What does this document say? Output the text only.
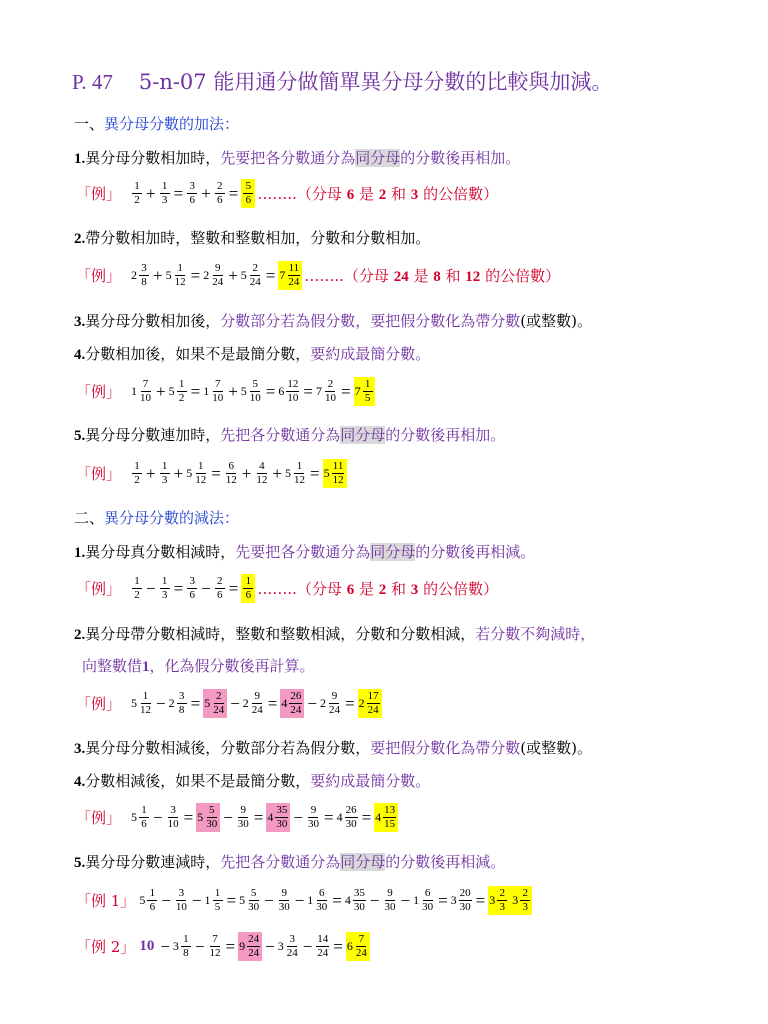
P. 47 5-n-07 能用通分做簡單異分母分數的比較與加減。
一、異分母分數的加法：
1.異分母分數相加時，先要把各分數通分為同分母的分數後再相加。
「例」 $\frac{1}{2} + \frac{1}{3} = \frac{3}{6} + \frac{2}{6} = \frac{5}{6}$ ……..（分母 6 是 2 和 3 的公倍數）
2.帶分數相加時，整數和整數相加，分數和分數相加。
「例」 $2 \frac{3}{8} + 5 \frac{1}{12} = 2 \frac{9}{24} + 5 \frac{2}{24} = 7 \frac{11}{24}$ ……..（分母 24 是 8 和 12 的公倍數）
3.異分母分數相加後，分數部分若為假分數，要把假分數化為帶分數(或整數)。
4.分數相加後，如果不是最簡分數，要約成最簡分數。
「例」 $1 \frac{7}{10} + 5 \frac{1}{2} = 1 \frac{7}{10} + 5 \frac{5}{10} = 6 \frac{12}{10} = 7 \frac{2}{10} = 7 \frac{1}{5}$
5.異分母分數連加時，先把各分數通分為同分母的分數後再相加。
「例」 $\frac{1}{2} + \frac{1}{3} + 5 \frac{1}{12} = \frac{6}{12} + \frac{4}{12} + 5 \frac{1}{12} = 5 \frac{11}{12}$
二、異分母分數的減法：
1.異分母真分數相減時，先要把各分數通分為同分母的分數後再相減。
「例」 $\frac{1}{2} - \frac{1}{3} = \frac{3}{6} - \frac{2}{6} = \frac{1}{6}$ ……..（分母 6 是 2 和 3 的公倍數）
2.異分母帶分數相減時，整數和整數相減，分數和分數相減，若分數不夠減時，
向整數借1，化為假分數後再計算。
「例」 $5 \frac{1}{12} - 2 \frac{3}{8} = 5 \frac{2}{24} - 2 \frac{9}{24} = 4 \frac{26}{24} - 2 \frac{9}{24} = 2 \frac{17}{24}$
3.異分母分數相減後，分數部分若為假分數，要把假分數化為帶分數(或整數)。
4.分數相減後，如果不是最簡分數，要約成最簡分數。
「例」 $5 \frac{1}{6} - \frac{3}{10} = 5 \frac{5}{30} - \frac{9}{30} = 4 \frac{35}{30} - \frac{9}{30} = 4 \frac{26}{30} = 4 \frac{13}{15}$
5.異分母分數連減時，先把各分數通分為同分母的分數後再相減。
「例 1」 $5 \frac{1}{6} - \frac{3}{10} - 1 \frac{1}{5} = 5 \frac{5}{30} - \frac{9}{30} - 1 \frac{6}{30} = 4 \frac{35}{30} - \frac{9}{30} - 1 \frac{6}{30} = 3 \frac{20}{30} = 3 \frac{2}{3} 3 \frac{2}{3}$
「例 2」 $10 - 3 \frac{1}{8} - \frac{7}{12} = 9 \frac{24}{24} - 3 \frac{3}{24} - \frac{14}{24} = 6 \frac{7}{24}$
